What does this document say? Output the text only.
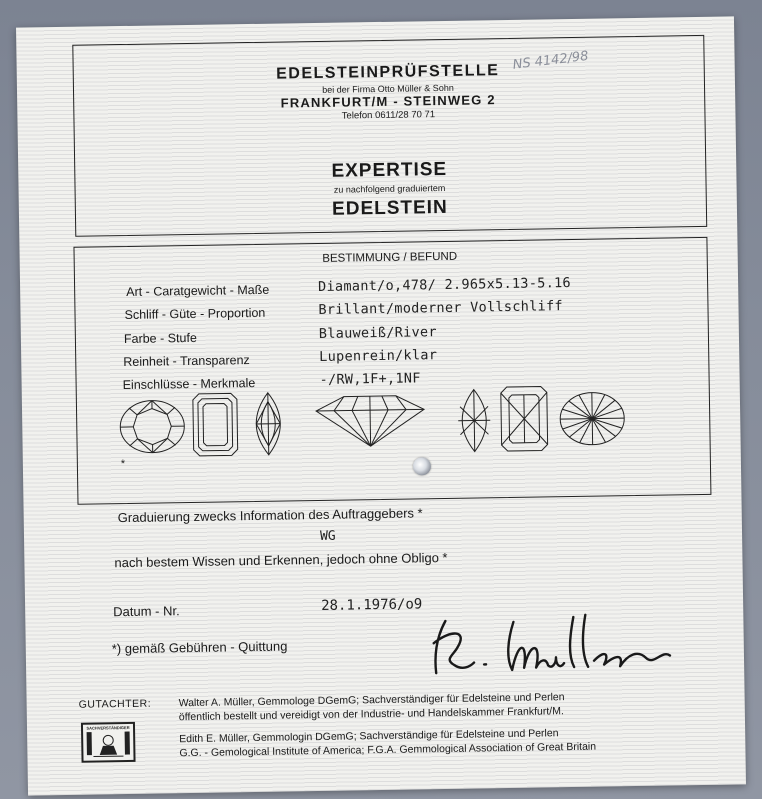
EDELSTEINPRÜFSTELLE
bei der Firma Otto Müller & Sohn
FRANKFURT/M - STEINWEG 2
Telefon 0611/28 70 71
NS 4142/98
EXPERTISE
zu nachfolgend graduiertem
EDELSTEIN
BESTIMMUNG / BEFUND
Art - Caratgewicht - Maße	Diamant/o,478/ 2.965x5.13-5.16
Schliff - Güte - Proportion	Brillant/moderner Vollschliff
Farbe - Stufe	Blauweiß/River
Reinheit - Transparenz	Lupenrein/klar
Einschlüsse - Merkmale	-/RW,1F+,1NF
*
Graduierung zwecks Information des Auftraggebers *
WG
nach bestem Wissen und Erkennen, jedoch ohne Obligo *
Datum - Nr.	28.1.1976/o9
*) gemäß Gebühren - Quittung
GUTACHTER:	Walter A. Müller, Gemmologe DGemG; Sachverständiger für Edelsteine und Perlen
öffentlich bestellt und vereidigt von der Industrie- und Handelskammer Frankfurt/M.
Edith E. Müller, Gemmologin DGemG; Sachverständige für Edelsteine und Perlen
G.G. - Gemological Institute of America; F.G.A. Gemmological Association of Great Britain
SACHVERSTÄNDIGER
